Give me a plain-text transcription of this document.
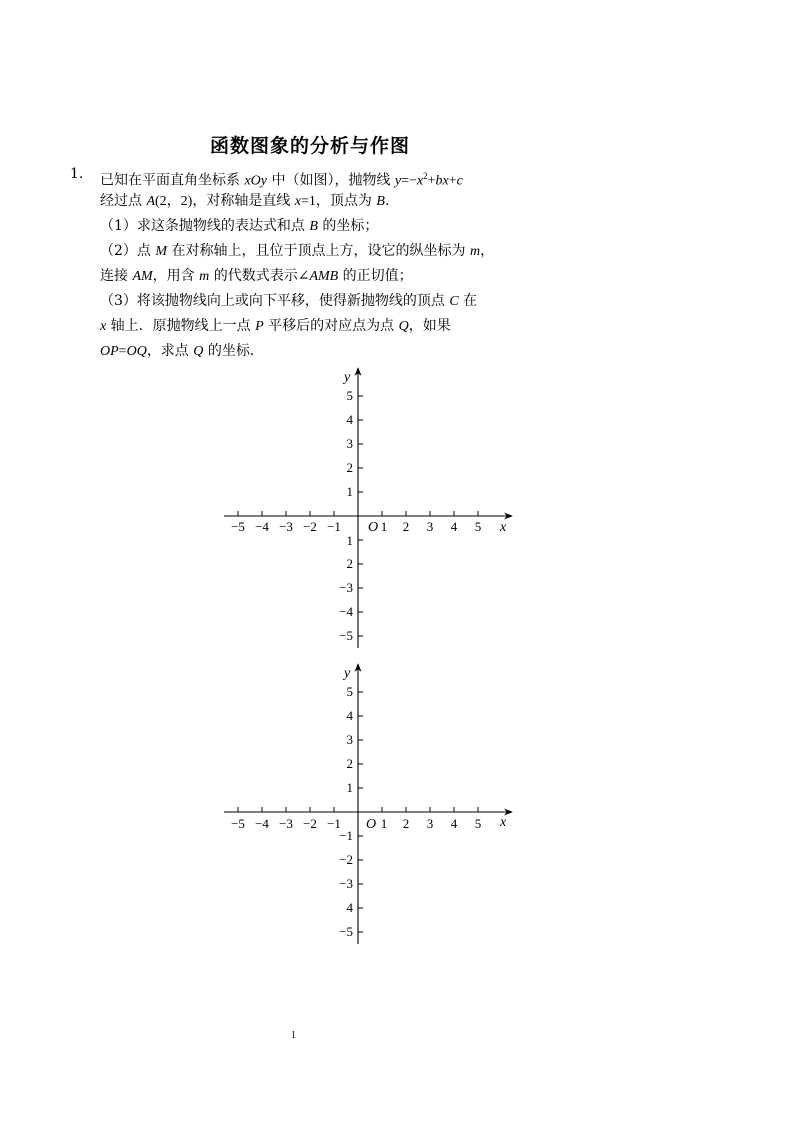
函数图象的分析与作图
1. 已知在平面直角坐标系 xOy 中（如图），抛物线 $y=-x^2+bx+c$
经过点 A(2，2)，对称轴是直线 x=1，顶点为 B.
（1）求这条抛物线的表达式和点 B 的坐标；
（2）点 M 在对称轴上，且位于顶点上方，设它的纵坐标为 m，
连接 AM，用含 m 的代数式表示∠AMB 的正切值；
（3）将该抛物线向上或向下平移，使得新抛物线的顶点 C 在
x 轴上．原抛物线上一点 P 平移后的对应点为点 Q，如果
OP=OQ，求点 Q 的坐标．
−5 −4 −3 −2 −1	1 2 3 4 5
5
4
3
2
1
1
2
−3
−4
−5
O	x
y
−5 −4 −3 −2 −1	1 2 3 4 5
5
4
3
2
1
−1
−2
−3
4
−5
O	x
y
1
